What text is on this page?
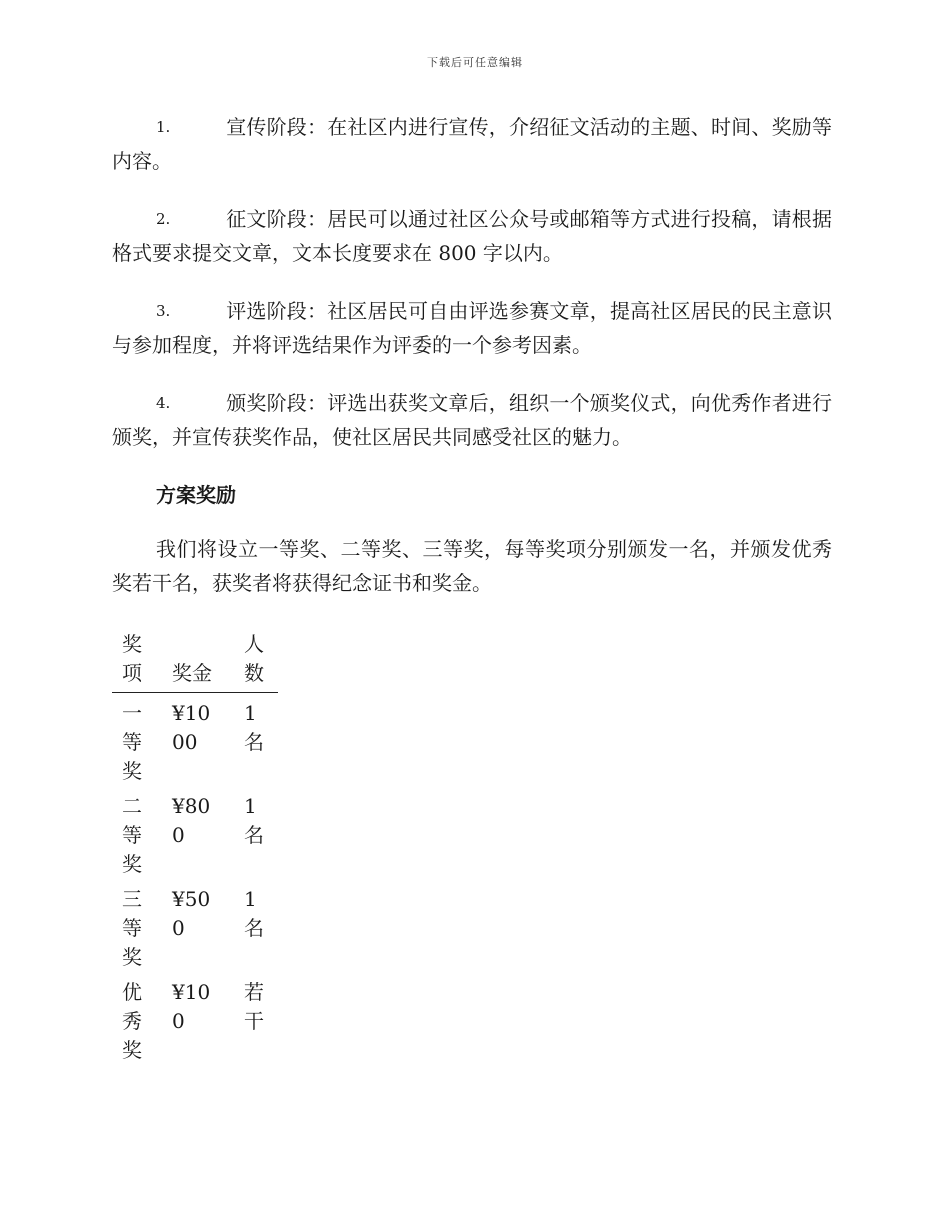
下载后可任意编辑

1.	宣传阶段：在社区内进行宣传，介绍征文活动的主题、时间、奖励等内容。

2.	征文阶段：居民可以通过社区公众号或邮箱等方式进行投稿，请根据格式要求提交文章，文本长度要求在 800 字以内。

3.	评选阶段：社区居民可自由评选参赛文章，提高社区居民的民主意识与参加程度，并将评选结果作为评委的一个参考因素。

4.	颁奖阶段：评选出获奖文章后，组织一个颁奖仪式，向优秀作者进行颁奖，并宣传获奖作品，使社区居民共同感受社区的魅力。

方案奖励

我们将设立一等奖、二等奖、三等奖，每等奖项分别颁发一名，并颁发优秀奖若干名，获奖者将获得纪念证书和奖金。

奖项	奖金	人数
一等奖	¥1000	1名
二等奖	¥800	1名
三等奖	¥500	1名
优秀奖	¥100	若干
